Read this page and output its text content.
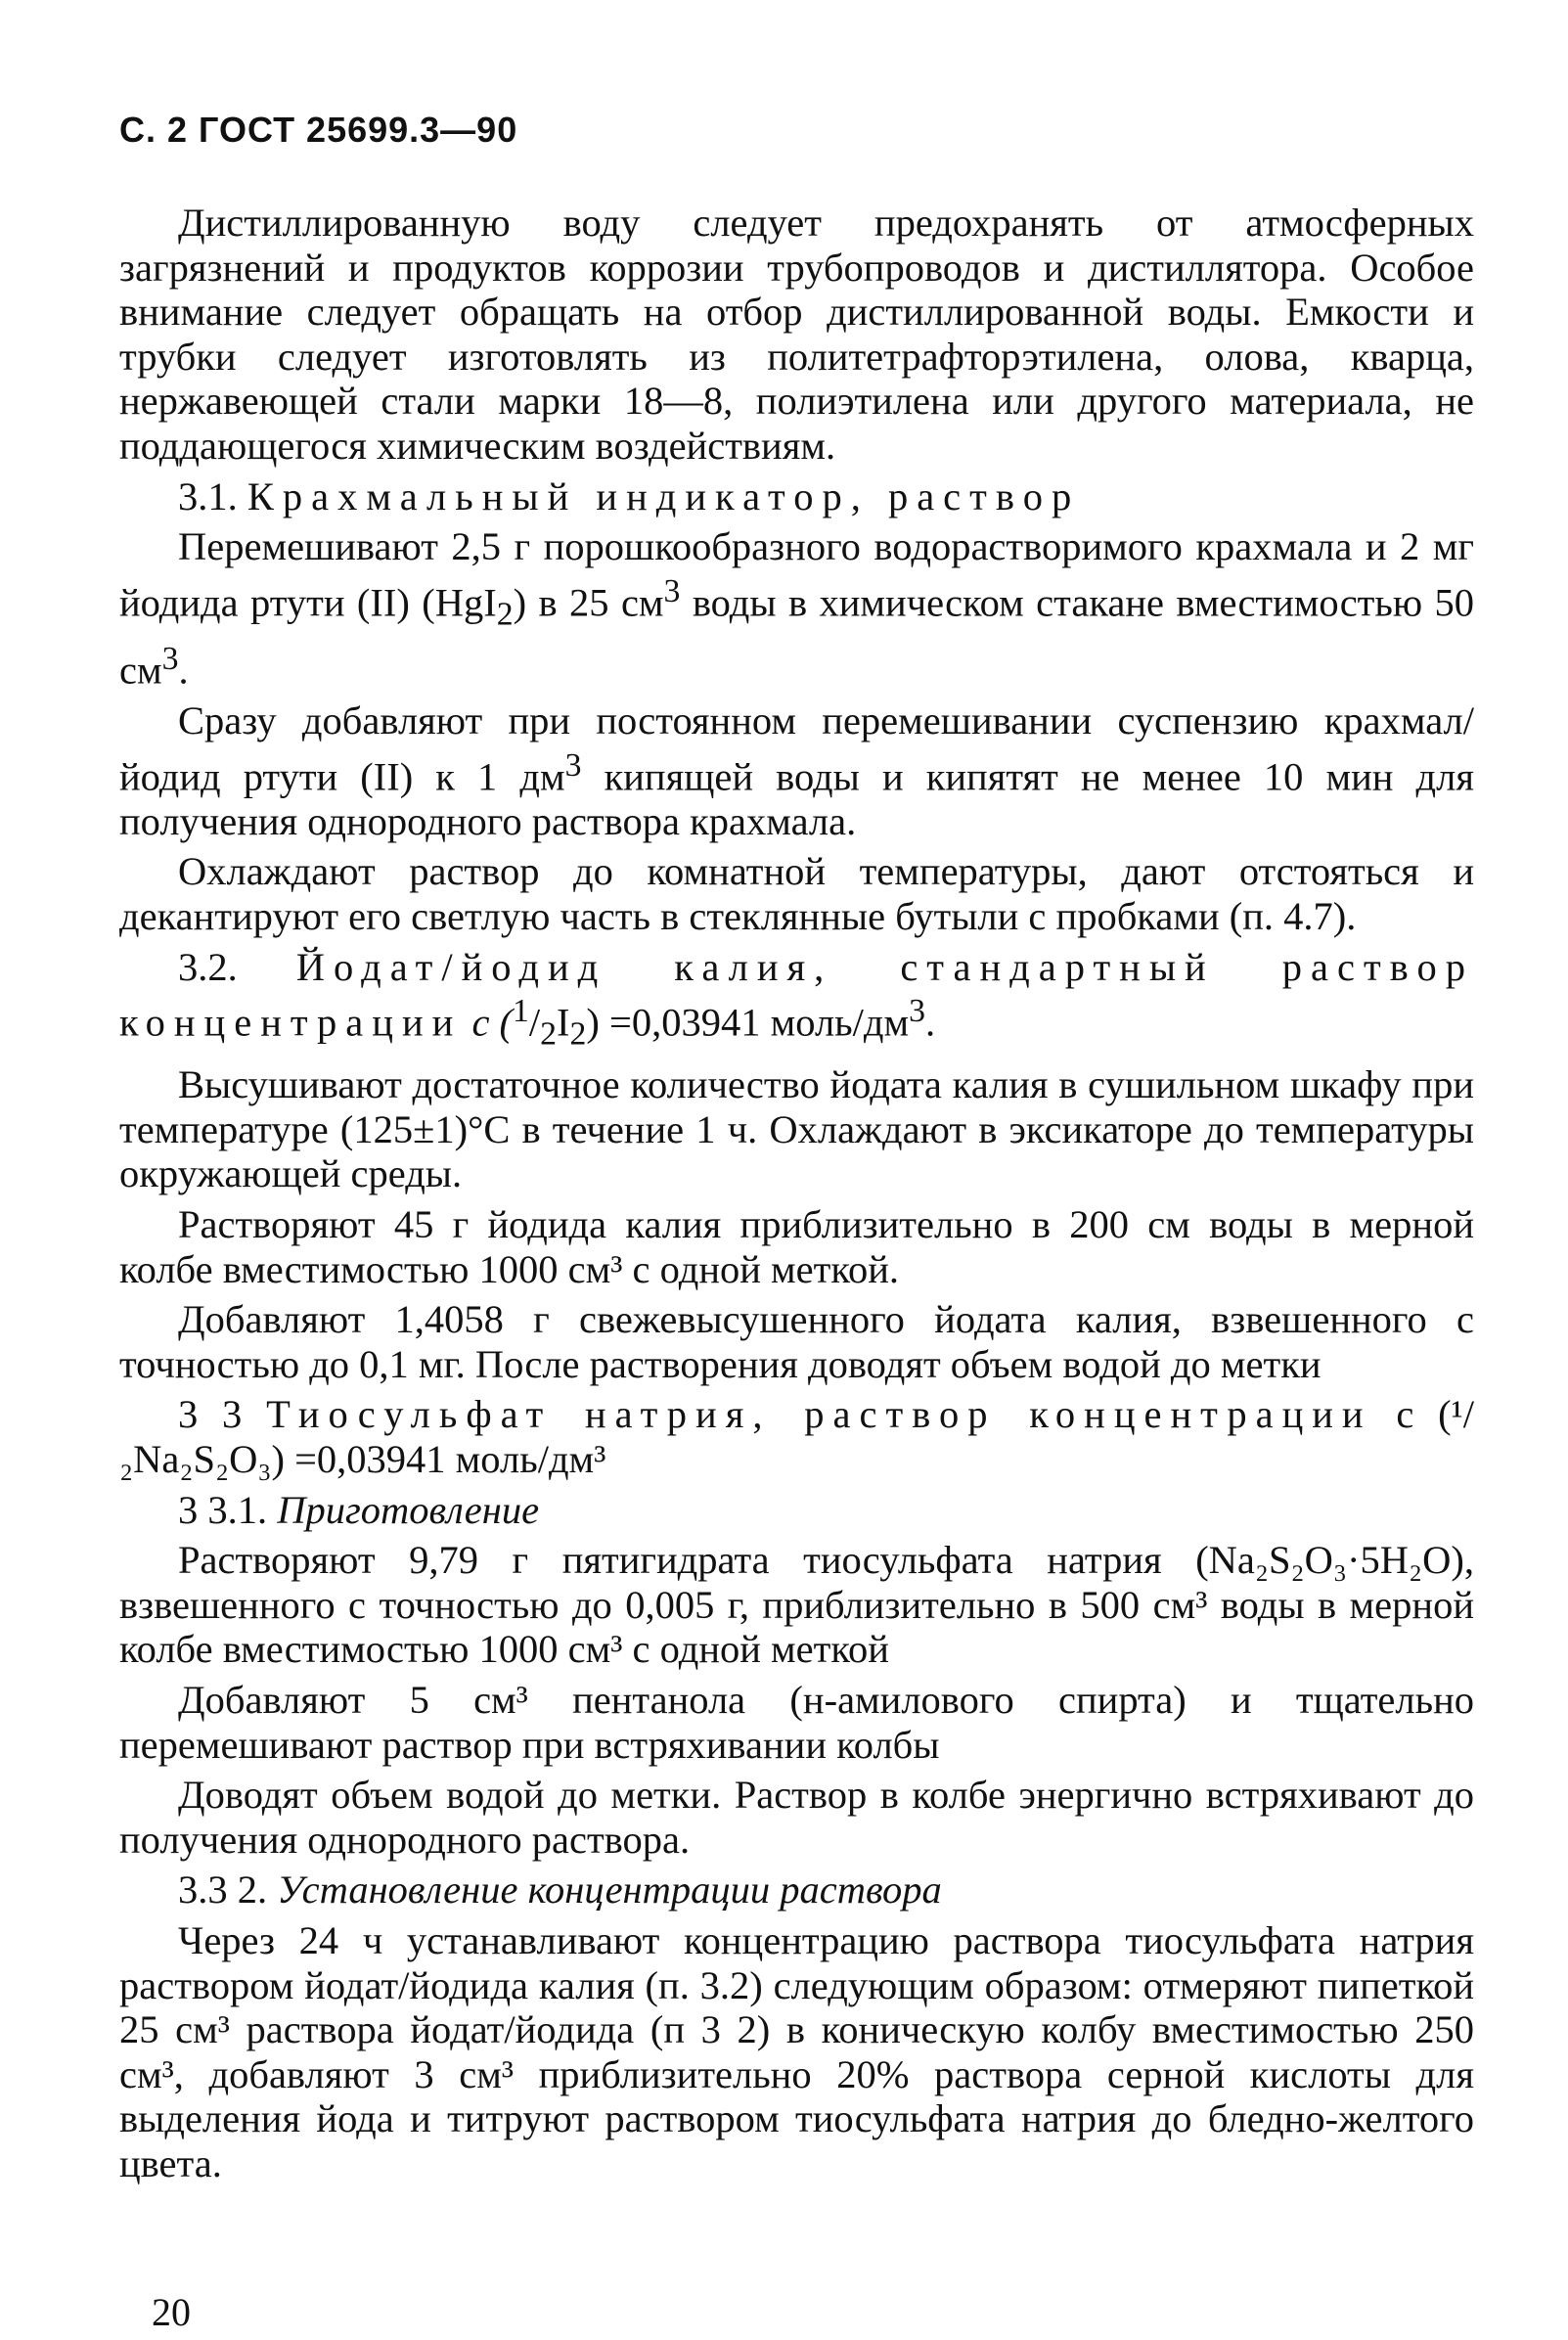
С. 2 ГОСТ 25699.3—90

Дистиллированную воду следует предохранять от атмосферных загрязнений и продуктов коррозии трубопроводов и дистиллятора. Особое внимание следует обращать на отбор дистиллированной воды. Емкости и трубки следует изготовлять из политетрафторэтилена, олова, кварца, нержавеющей стали марки 18—8, полиэтилена или другого материала, не поддающегося химическим воздействиям.

3.1. Крахмальный индикатор, раствор

Перемешивают 2,5 г порошкообразного водорастворимого крахмала и 2 мг йодида ртути (II) (HgI$_2$) в 25 $см^3$ воды в химическом стакане вместимостью 50 $см^3$.

Сразу добавляют при постоянном перемешивании суспензию крахмал/йодид ртути (II) к 1 $дм^3$ кипящей воды и кипятят не менее 10 мин для получения однородного раствора крахмала.

Охлаждают раствор до комнатной температуры, дают отстояться и декантируют его светлую часть в стеклянные бутыли с пробками (п. 4.7).

3.2. Йодат/йодид калия, стандартный раствор концентрации c $(^1/_2I_2) =0,03941$ моль/$дм^3$.

Высушивают достаточное количество йодата калия в сушильном шкафу при температуре (125±1)°С в течение 1 ч. Охлаждают в эксикаторе до температуры окружающей среды.

Растворяют 45 г йодида калия приблизительно в 200 см воды в мерной колбе вместимостью 1000 см³ с одной меткой.

Добавляют 1,4058 г свежевысушенного йодата калия, взвешенного с точностью до 0,1 мг. После растворения доводят объем водой до метки

3 3 Тиосульфат натрия, раствор концентрации c (¹/₂Na₂S₂O₃) =0,03941 моль/дм³

3 3.1. Приготовление

Растворяют 9,79 г пятигидрата тиосульфата натрия (Na₂S₂O₃·5H₂O), взвешенного с точностью до 0,005 г, приблизительно в 500 см³ воды в мерной колбе вместимостью 1000 см³ с одной меткой

Добавляют 5 см³ пентанола (н-амилового спирта) и тщательно перемешивают раствор при встряхивании колбы

Доводят объем водой до метки. Раствор в колбе энергично встряхивают до получения однородного раствора.

3.3 2. Установление концентрации раствора

Через 24 ч устанавливают концентрацию раствора тиосульфата натрия раствором йодат/йодида калия (п. 3.2) следующим образом: отмеряют пипеткой 25 см³ раствора йодат/йодида (п 3 2) в коническую колбу вместимостью 250 см³, добавляют 3 см³ приблизительно 20% раствора серной кислоты для выделения йода и титруют раствором тиосульфата натрия до бледно-желтого цвета.

20
